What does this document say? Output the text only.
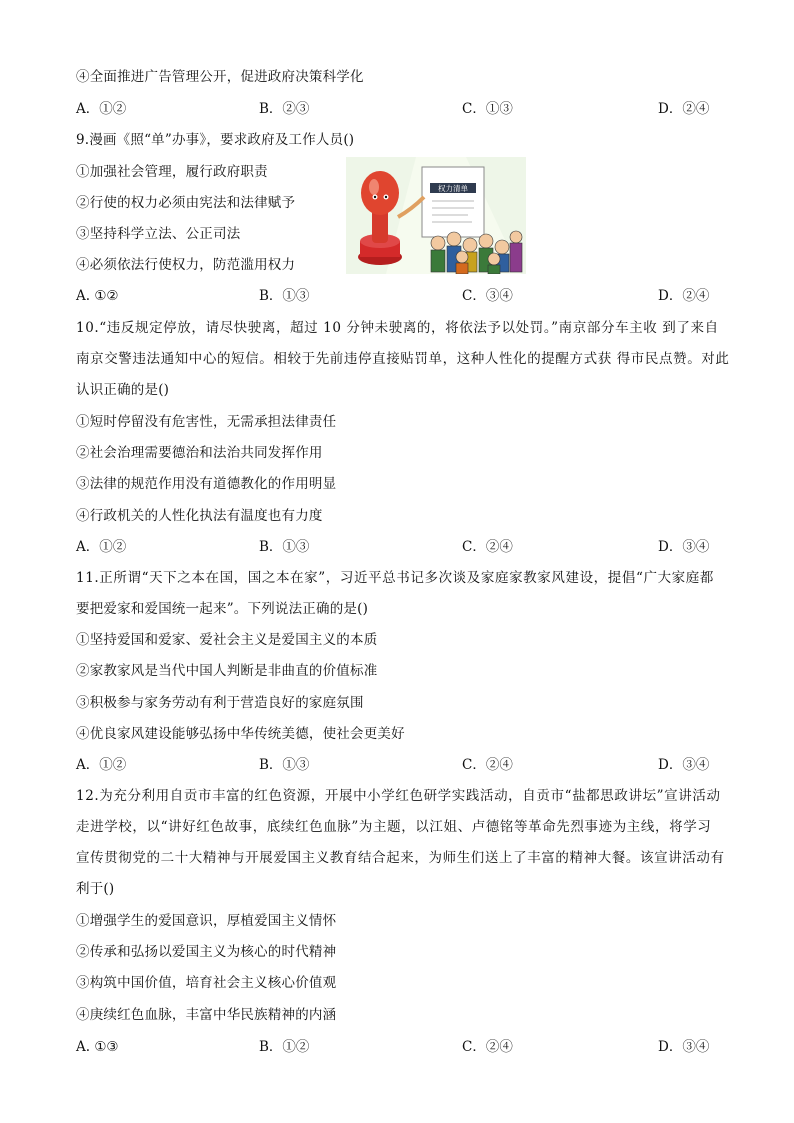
④全面推进广告管理公开，促进政府决策科学化
A．①②	B．②③	C．①③	D．②④
9.漫画《照“单”办事》，要求政府及工作人员()
①加强社会管理，履行政府职责
②行使的权力必须由宪法和法律赋予
③坚持科学立法、公正司法
④必须依法行使权力，防范滥用权力
权力清单
A. ①②	B．①③	C．③④	D．②④
10.“违反规定停放，请尽快驶离，超过 10 分钟未驶离的，将依法予以处罚。”南京部分车主收 到了来自
南京交警违法通知中心的短信。相较于先前违停直接贴罚单，这种人性化的提醒方式获 得市民点赞。对此
认识正确的是()
①短时停留没有危害性，无需承担法律责任
②社会治理需要德治和法治共同发挥作用
③法律的规范作用没有道德教化的作用明显
④行政机关的人性化执法有温度也有力度
A．①②	B．①③	C．②④	D．③④
11.正所谓“天下之本在国，国之本在家”，习近平总书记多次谈及家庭家教家风建设，提倡“广大家庭都
要把爱家和爱国统一起来”。下列说法正确的是()
①坚持爱国和爱家、爱社会主义是爱国主义的本质
②家教家风是当代中国人判断是非曲直的价值标准
③积极参与家务劳动有利于营造良好的家庭氛围
④优良家风建设能够弘扬中华传统美德，使社会更美好
A．①②	B．①③	C．②④	D．③④
12.为充分利用自贡市丰富的红色资源，开展中小学红色研学实践活动，自贡市“盐都思政讲坛”宣讲活动
走进学校，以“讲好红色故事，底续红色血脉”为主题，以江姐、卢德铭等革命先烈事迹为主线，将学习
宣传贯彻党的二十大精神与开展爱国主义教育结合起来，为师生们送上了丰富的精神大餐。该宣讲活动有
利于()
①增强学生的爱国意识，厚植爱国主义情怀
②传承和弘扬以爱国主义为核心的时代精神
③构筑中国价值，培育社会主义核心价值观
④庚续红色血脉，丰富中华民族精神的内涵
A. ①③	B．①②	C．②④	D．③④
